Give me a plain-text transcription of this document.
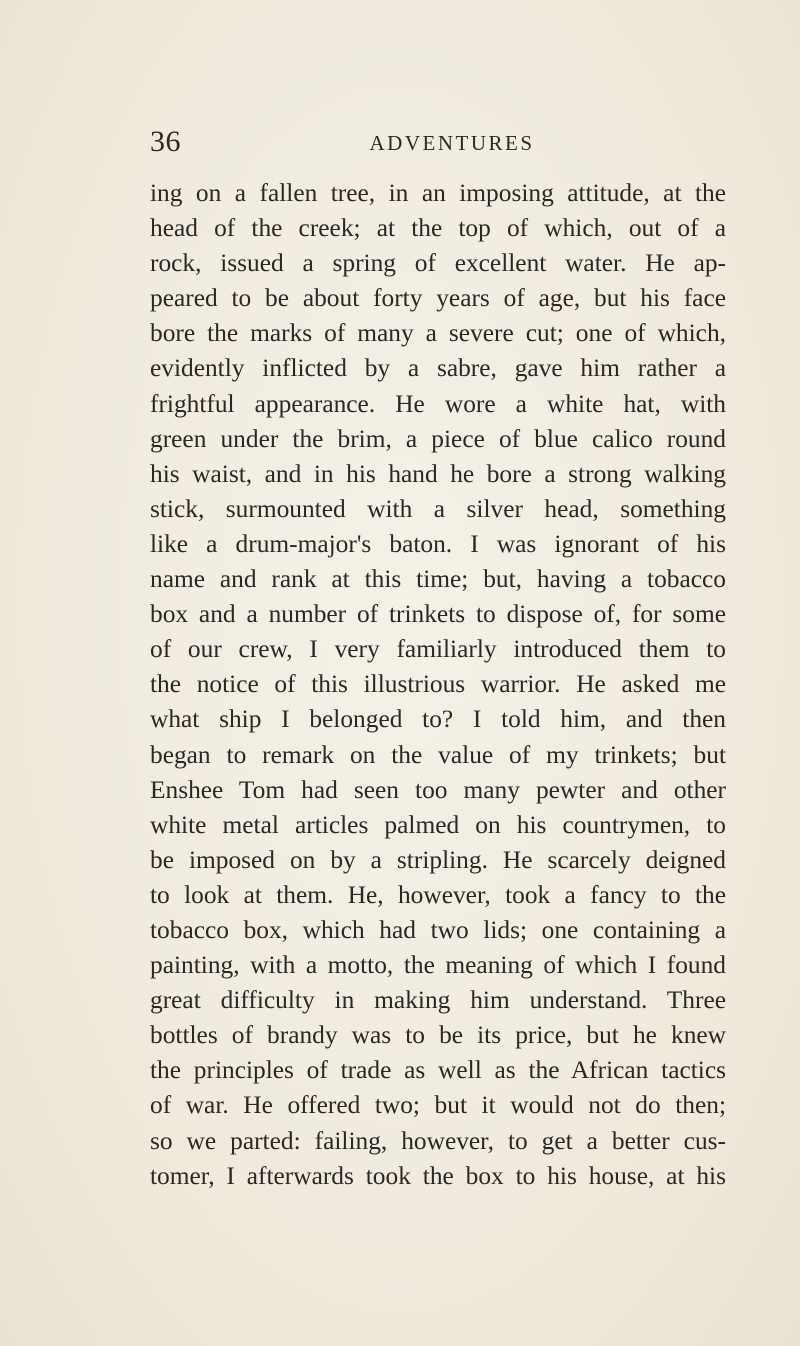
36	ADVENTURES
ing on a fallen tree, in an imposing attitude, at the
head of the creek; at the top of which, out of a
rock, issued a spring of excellent water. He ap-
peared to be about forty years of age, but his face
bore the marks of many a severe cut; one of which,
evidently inflicted by a sabre, gave him rather a
frightful appearance. He wore a white hat, with
green under the brim, a piece of blue calico round
his waist, and in his hand he bore a strong walking
stick, surmounted with a silver head, something
like a drum-major's baton. I was ignorant of his
name and rank at this time; but, having a tobacco
box and a number of trinkets to dispose of, for some
of our crew, I very familiarly introduced them to
the notice of this illustrious warrior. He asked me
what ship I belonged to? I told him, and then
began to remark on the value of my trinkets; but
Enshee Tom had seen too many pewter and other
white metal articles palmed on his countrymen, to
be imposed on by a stripling. He scarcely deigned
to look at them. He, however, took a fancy to the
tobacco box, which had two lids; one containing a
painting, with a motto, the meaning of which I found
great difficulty in making him understand. Three
bottles of brandy was to be its price, but he knew
the principles of trade as well as the African tactics
of war. He offered two; but it would not do then;
so we parted: failing, however, to get a better cus-
tomer, I afterwards took the box to his house, at his
